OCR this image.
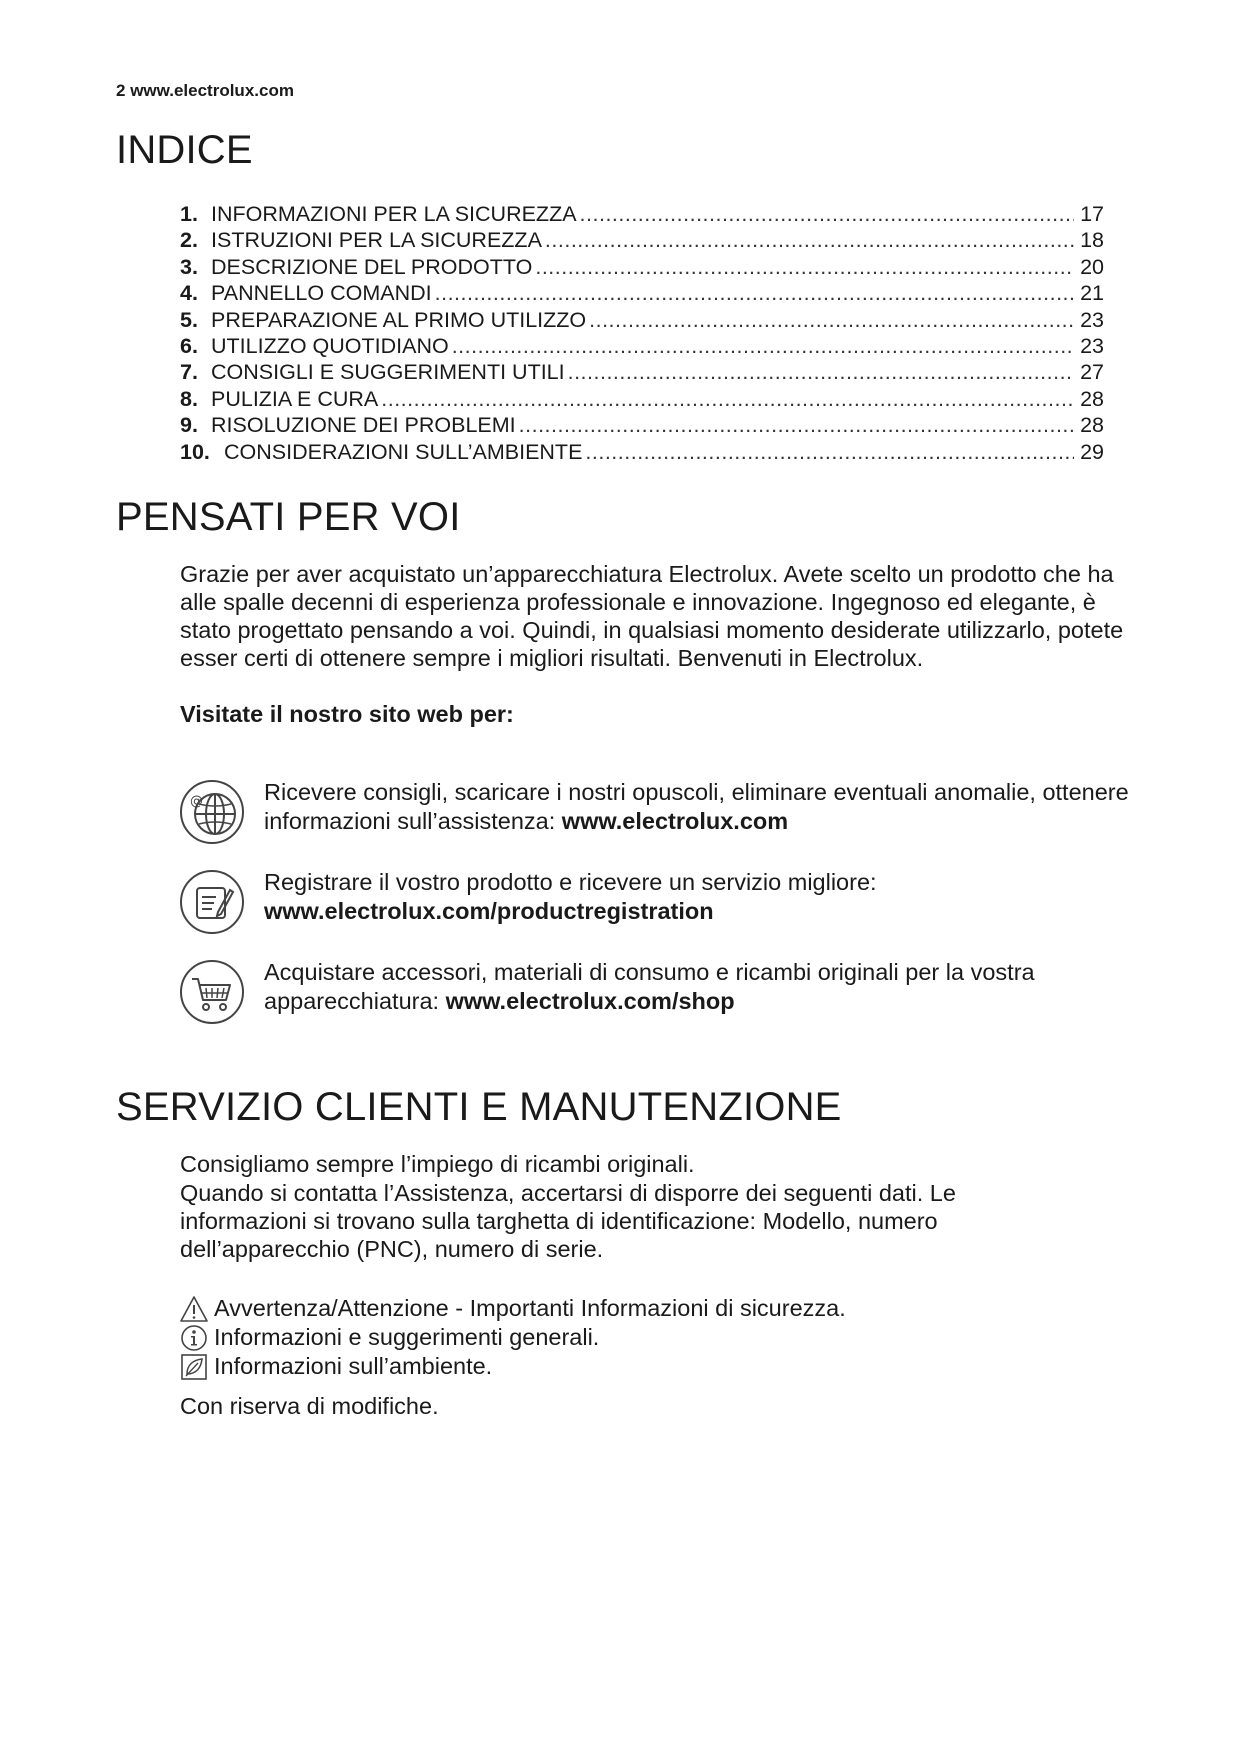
2 www.electrolux.com
INDICE
1. INFORMAZIONI PER LA SICUREZZA .....	17
2. ISTRUZIONI PER LA SICUREZZA .....	18
3. DESCRIZIONE DEL PRODOTTO .....	20
4. PANNELLO COMANDI .....	21
5. PREPARAZIONE AL PRIMO UTILIZZO .....	23
6. UTILIZZO QUOTIDIANO .....	23
7. CONSIGLI E SUGGERIMENTI UTILI .....	27
8. PULIZIA E CURA .....	28
9. RISOLUZIONE DEI PROBLEMI .....	28
10. CONSIDERAZIONI SULL’AMBIENTE .....	29
PENSATI PER VOI

Grazie per aver acquistato un’apparecchiatura Electrolux. Avete scelto un prodotto che ha alle spalle decenni di esperienza professionale e innovazione. Ingegnoso ed elegante, è stato progettato pensando a voi. Quindi, in qualsiasi momento desiderate utilizzarlo, potete esser certi di ottenere sempre i migliori risultati. Benvenuti in Electrolux.

Visitate il nostro sito web per:

@	Ricevere consigli, scaricare i nostri opuscoli, eliminare eventuali anomalie, ottenere informazioni sull’assistenza: www.electrolux.com
Registrare il vostro prodotto e ricevere un servizio migliore: www.electrolux.com/productregistration
Acquistare accessori, materiali di consumo e ricambi originali per la vostra apparecchiatura: www.electrolux.com/shop
SERVIZIO CLIENTI E MANUTENZIONE

Consigliamo sempre l’impiego di ricambi originali.

Quando si contatta l’Assistenza, accertarsi di disporre dei seguenti dati. Le informazioni si trovano sulla targhetta di identificazione: Modello, numero dell’apparecchio (PNC), numero di serie.

Avvertenza/Attenzione - Importanti Informazioni di sicurezza.
Informazioni e suggerimenti generali.
Informazioni sull’ambiente.

Con riserva di modifiche.
